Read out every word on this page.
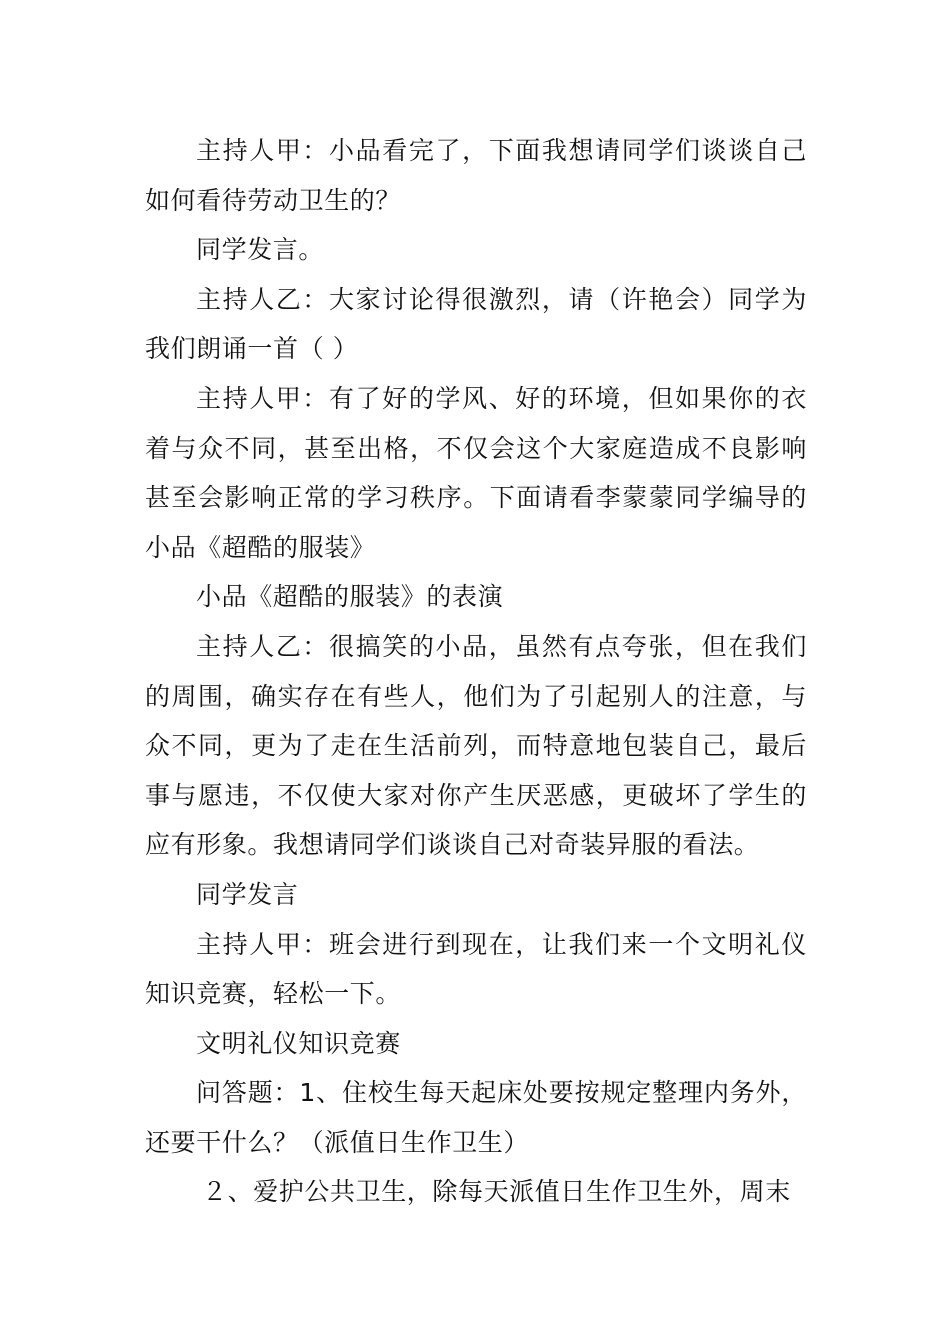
主持人甲：小品看完了，下面我想请同学们谈谈自己如何看待劳动卫生的？

同学发言。

主持人乙：大家讨论得很激烈，请（许艳会）同学为我们朗诵一首（ ）

主持人甲：有了好的学风、好的环境，但如果你的衣着与众不同，甚至出格，不仅会这个大家庭造成不良影响甚至会影响正常的学习秩序。下面请看李蒙蒙同学编导的小品《超酷的服装》

小品《超酷的服装》的表演

主持人乙：很搞笑的小品，虽然有点夸张，但在我们的周围，确实存在有些人，他们为了引起别人的注意，与众不同，更为了走在生活前列，而特意地包装自己，最后事与愿违，不仅使大家对你产生厌恶感，更破坏了学生的应有形象。我想请同学们谈谈自己对奇装异服的看法。

同学发言

主持人甲：班会进行到现在，让我们来一个文明礼仪知识竞赛，轻松一下。

文明礼仪知识竞赛

问答题：1、住校生每天起床处要按规定整理内务外，还要干什么？（派值日生作卫生）

２、爱护公共卫生，除每天派值日生作卫生外，周末
